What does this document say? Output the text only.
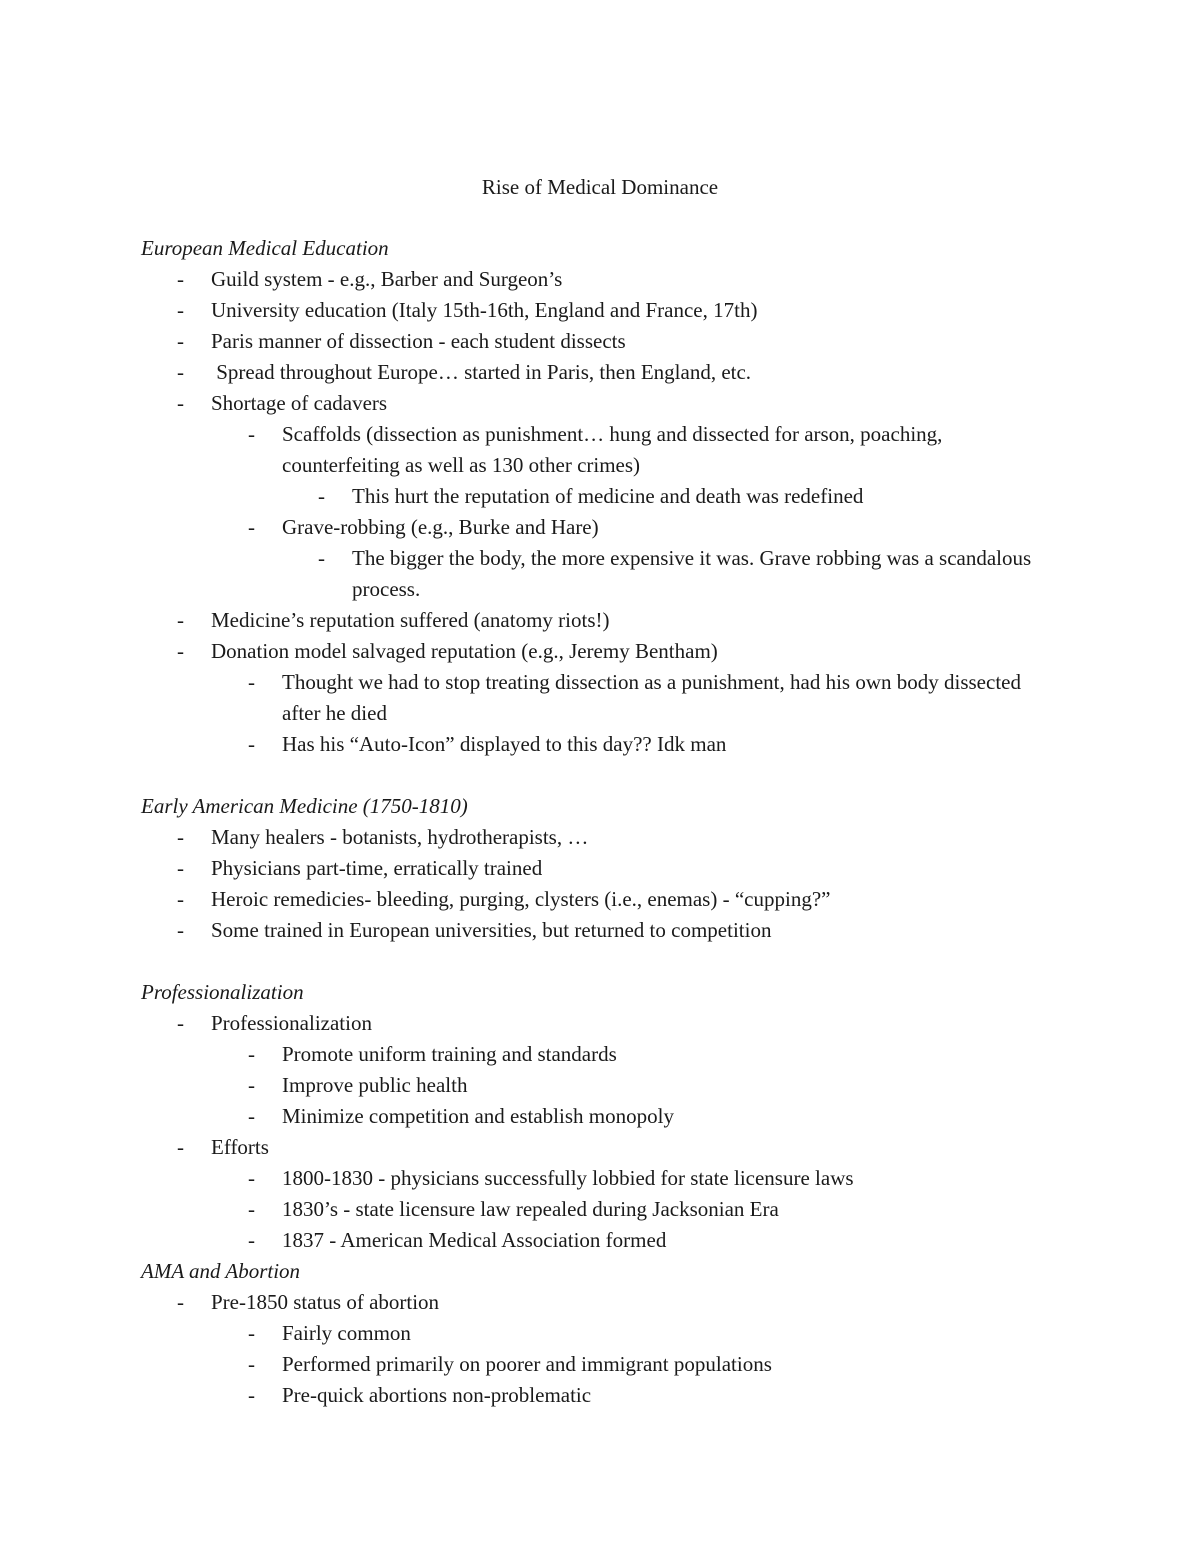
Rise of Medical Dominance
European Medical Education
- Guild system - e.g., Barber and Surgeon’s
- University education (Italy 15th-16th, England and France, 17th)
- Paris manner of dissection - each student dissects
- Spread throughout Europe… started in Paris, then England, etc.
- Shortage of cadavers
- Scaffolds (dissection as punishment… hung and dissected for arson, poaching, counterfeiting as well as 130 other crimes)
- This hurt the reputation of medicine and death was redefined
- Grave-robbing (e.g., Burke and Hare)
- The bigger the body, the more expensive it was. Grave robbing was a scandalous process.
- Medicine’s reputation suffered (anatomy riots!)
- Donation model salvaged reputation (e.g., Jeremy Bentham)
- Thought we had to stop treating dissection as a punishment, had his own body dissected after he died
- Has his “Auto-Icon” displayed to this day?? Idk man
Early American Medicine (1750-1810)
- Many healers - botanists, hydrotherapists, …
- Physicians part-time, erratically trained
- Heroic remedicies- bleeding, purging, clysters (i.e., enemas) - “cupping?”
- Some trained in European universities, but returned to competition
Professionalization
- Professionalization
- Promote uniform training and standards
- Improve public health
- Minimize competition and establish monopoly
- Efforts
- 1800-1830 - physicians successfully lobbied for state licensure laws
- 1830’s - state licensure law repealed during Jacksonian Era
- 1837 - American Medical Association formed
AMA and Abortion
- Pre-1850 status of abortion
- Fairly common
- Performed primarily on poorer and immigrant populations
- Pre-quick abortions non-problematic
